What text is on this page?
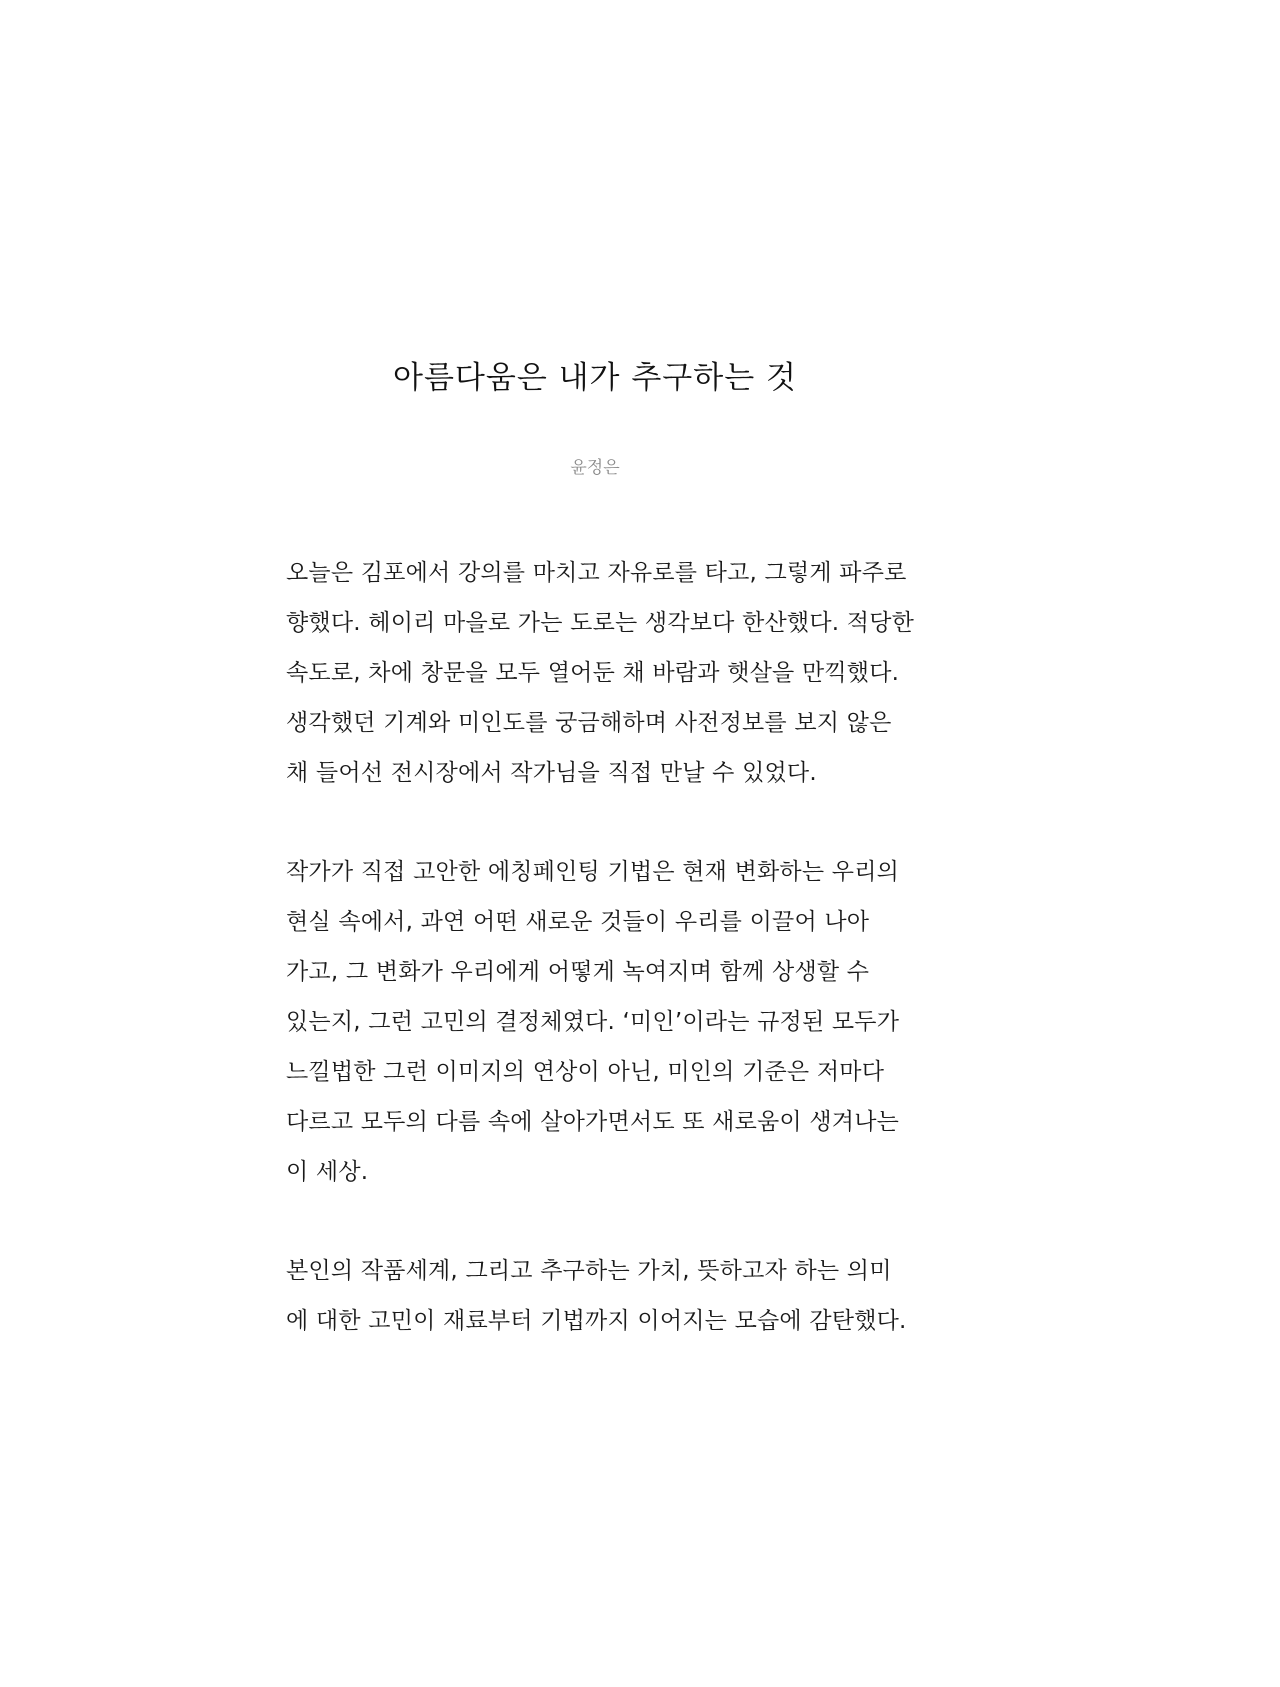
아름다움은 내가 추구하는 것
윤정은

오늘은 김포에서 강의를 마치고 자유로를 타고, 그렇게 파주로
향했다. 헤이리 마을로 가는 도로는 생각보다 한산했다. 적당한
속도로, 차에 창문을 모두 열어둔 채 바람과 햇살을 만끽했다.
생각했던 기계와 미인도를 궁금해하며 사전정보를 보지 않은
채 들어선 전시장에서 작가님을 직접 만날 수 있었다.

작가가 직접 고안한 에칭페인팅 기법은 현재 변화하는 우리의
현실 속에서, 과연 어떤 새로운 것들이 우리를 이끌어 나아
가고, 그 변화가 우리에게 어떻게 녹여지며 함께 상생할 수
있는지, 그런 고민의 결정체였다. ‘미인’이라는 규정된 모두가
느낄법한 그런 이미지의 연상이 아닌, 미인의 기준은 저마다
다르고 모두의 다름 속에 살아가면서도 또 새로움이 생겨나는
이 세상.

본인의 작품세계, 그리고 추구하는 가치, 뜻하고자 하는 의미
에 대한 고민이 재료부터 기법까지 이어지는 모습에 감탄했다.
